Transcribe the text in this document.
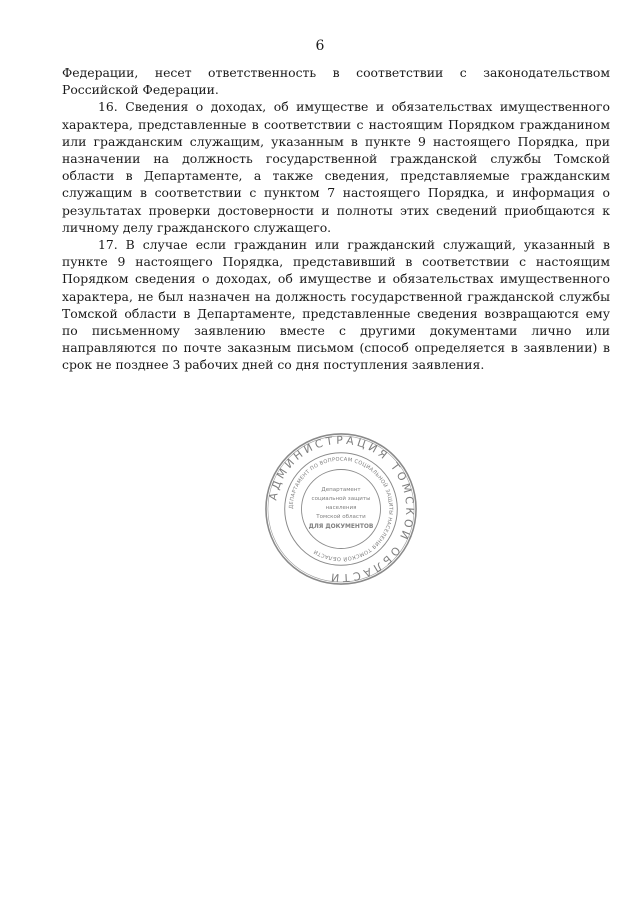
6

Федерации, несет ответственность в соответствии с законодательством Российской Федерации.

16. Сведения о доходах, об имуществе и обязательствах имущественного характера, представленные в соответствии с настоящим Порядком гражданином или гражданским служащим, указанным в пункте 9 настоящего Порядка, при назначении на должность государственной гражданской службы Томской области в Департаменте, а также сведения, представляемые гражданским служащим в соответствии с пунктом 7 настоящего Порядка, и информация о результатах проверки достоверности и полноты этих сведений приобщаются к личному делу гражданского служащего.

17. В случае если гражданин или гражданский служащий, указанный в пункте 9 настоящего Порядка, представивший в соответствии с настоящим Порядком сведения о доходах, об имуществе и обязательствах имущественного характера, не был назначен на должность государственной гражданской службы Томской области в Департаменте, представленные сведения возвращаются ему по письменному заявлению вместе с другими документами лично или направляются по почте заказным письмом (способ определяется в заявлении) в срок не позднее 3 рабочих дней со дня поступления заявления.

АДМИНИСТРАЦИЯ ТОМСКОЙ ОБЛАСТИ
ДЕПАРТАМЕНТ ПО ВОПРОСАМ СОЦИАЛЬНОЙ ЗАЩИТЫ НАСЕЛЕНИЯ ТОМСКОЙ ОБЛАСТИ
Департамент
социальной защиты
населения
Томской области
ДЛЯ ДОКУМЕНТОВ
